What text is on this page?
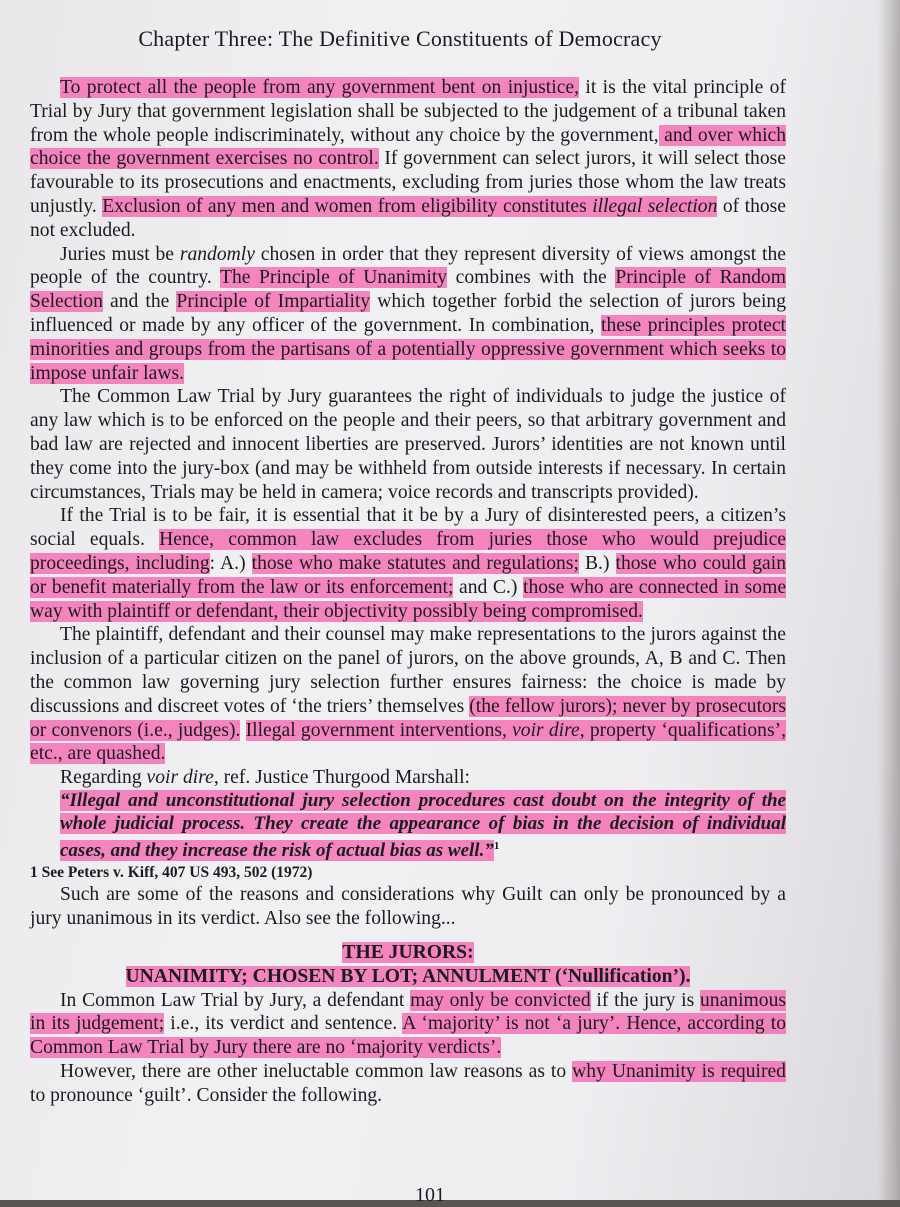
Chapter Three: The Definitive Constituents of Democracy

To protect all the people from any government bent on injustice, it is the vital principle of Trial by Jury that government legislation shall be subjected to the judgement of a tribunal taken from the whole people indiscriminately, without any choice by the government, and over which choice the government exercises no control. If government can select jurors, it will select those favourable to its prosecutions and enactments, excluding from juries those whom the law treats unjustly. Exclusion of any men and women from eligibility constitutes illegal selection of those not excluded.

Juries must be randomly chosen in order that they represent diversity of views amongst the people of the country. The Principle of Unanimity combines with the Principle of Random Selection and the Principle of Impartiality which together forbid the selection of jurors being influenced or made by any officer of the government. In combination, these principles protect minorities and groups from the partisans of a potentially oppressive government which seeks to impose unfair laws.

The Common Law Trial by Jury guarantees the right of individuals to judge the justice of any law which is to be enforced on the people and their peers, so that arbitrary government and bad law are rejected and innocent liberties are preserved. Jurors’ identities are not known until they come into the jury-box (and may be withheld from outside interests if necessary. In certain circumstances, Trials may be held in camera; voice records and transcripts provided).

If the Trial is to be fair, it is essential that it be by a Jury of disinterested peers, a citizen’s social equals. Hence, common law excludes from juries those who would prejudice proceedings, including: A.) those who make statutes and regulations; B.) those who could gain or benefit materially from the law or its enforcement; and C.) those who are connected in some way with plaintiff or defendant, their objectivity possibly being compromised.

The plaintiff, defendant and their counsel may make representations to the jurors against the inclusion of a particular citizen on the panel of jurors, on the above grounds, A, B and C. Then the common law governing jury selection further ensures fairness: the choice is made by discussions and discreet votes of ‘the triers’ themselves (the fellow jurors); never by prosecutors or convenors (i.e., judges). Illegal government interventions, voir dire, property ‘qualifications’, etc., are quashed.

Regarding voir dire, ref. Justice Thurgood Marshall:

“Illegal and unconstitutional jury selection procedures cast doubt on the integrity of the whole judicial process. They create the appearance of bias in the decision of individual cases, and they increase the risk of actual bias as well.”$^1$

1 See Peters v. Kiff, 407 US 493, 502 (1972)

Such are some of the reasons and considerations why Guilt can only be pronounced by a jury unanimous in its verdict. Also see the following...

THE JURORS:

UNANIMITY; CHOSEN BY LOT; ANNULMENT (‘Nullification’).

In Common Law Trial by Jury, a defendant may only be convicted if the jury is unanimous in its judgement; i.e., its verdict and sentence. A ‘majority’ is not ‘a jury’. Hence, according to Common Law Trial by Jury there are no ‘majority verdicts’.

However, there are other ineluctable common law reasons as to why Unanimity is required to pronounce ‘guilt’. Consider the following.

101
